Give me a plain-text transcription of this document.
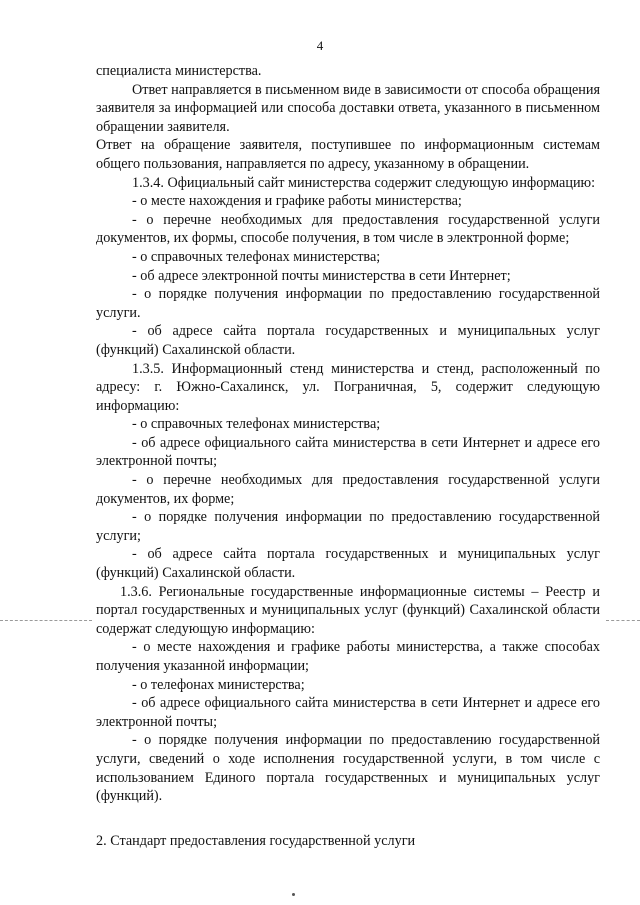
4

специалиста министерства.

Ответ направляется в письменном виде в зависимости от способа обращения заявителя за информацией или способа доставки ответа, указанного в письменном обращении заявителя.

Ответ на обращение заявителя, поступившее по информационным системам общего пользования, направляется по адресу, указанному в обращении.

1.3.4. Официальный сайт министерства содержит следующую информацию:

- о месте нахождения и графике работы министерства;

- о перечне необходимых для предоставления государственной услуги документов, их формы, способе получения, в том числе в электронной форме;

- о справочных телефонах министерства;

- об адресе электронной почты министерства в сети Интернет;

- о порядке получения информации по предоставлению государственной услуги.

- об адресе сайта портала государственных и муниципальных услуг (функций) Сахалинской области.

1.3.5. Информационный стенд министерства и стенд, расположенный по адресу: г. Южно-Сахалинск, ул. Пограничная, 5, содержит следующую информацию:

- о справочных телефонах министерства;

- об адресе официального сайта министерства в сети Интернет и адресе его электронной почты;

- о перечне необходимых для предоставления государственной услуги документов, их форме;

- о порядке получения информации по предоставлению государственной услуги;

- об адресе сайта портала государственных и муниципальных услуг (функций) Сахалинской области.

1.3.6. Региональные государственные информационные системы – Реестр и портал государственных и муниципальных услуг (функций) Сахалинской области содержат следующую информацию:

- о месте нахождения и графике работы министерства, а также способах получения указанной информации;

- о телефонах министерства;

- об адресе официального сайта министерства в сети Интернет и адресе его электронной почты;

- о порядке получения информации по предоставлению государственной услуги, сведений о ходе исполнения государственной услуги, в том числе с использованием Единого портала государственных и муниципальных услуг (функций).

2. Стандарт предоставления государственной услуги
